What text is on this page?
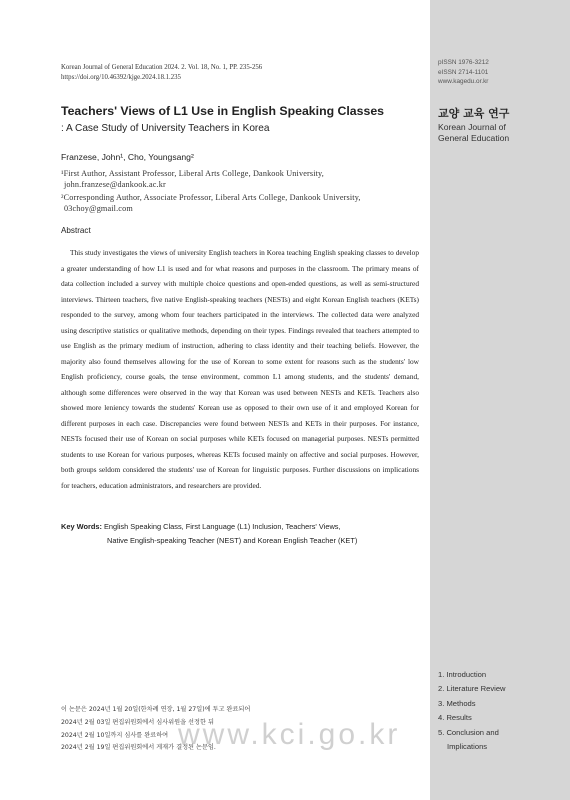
pISSN 1976-3212
eISSN 2714-1101
www.kagedu.or.kr
교양 교육 연구
Korean Journal of
General Education
1. Introduction
2. Literature Review
3. Methods
4. Results
5. Conclusion and
Implications
Korean Journal of General Education 2024. 2. Vol. 18, No. 1, PP. 235-256
https://doi.org/10.46392/kjge.2024.18.1.235
Teachers' Views of L1 Use in English Speaking Classes
: A Case Study of University Teachers in Korea
Franzese, John¹, Cho, Youngsang²
¹First Author, Assistant Professor, Liberal Arts College, Dankook University,
john.franzese@dankook.ac.kr
²Corresponding Author, Associate Professor, Liberal Arts College, Dankook University,
03choy@gmail.com
Abstract

This study investigates the views of university English teachers in Korea teaching English speaking classes to develop a greater understanding of how L1 is used and for what reasons and purposes in the classroom. The primary means of data collection included a survey with multiple choice questions and open-ended questions, as well as semi-structured interviews. Thirteen teachers, five native English-speaking teachers (NESTs) and eight Korean English teachers (KETs) responded to the survey, among whom four teachers participated in the interviews. The collected data were analyzed using descriptive statistics or qualitative methods, depending on their types. Findings revealed that teachers attempted to use English as the primary medium of instruction, adhering to class identity and their teaching beliefs. However, the majority also found themselves allowing for the use of Korean to some extent for reasons such as the students' low English proficiency, course goals, the tense environment, common L1 among students, and the students' demand, although some differences were observed in the way that Korean was used between NESTs and KETs. Teachers also showed more leniency towards the students' Korean use as opposed to their own use of it and employed Korean for different purposes in each case. Discrepancies were found between NESTs and KETs in their purposes. For instance, NESTs focused their use of Korean on social purposes while KETs focused on managerial purposes. NESTs permitted students to use Korean for various purposes, whereas KETs focused mainly on affective and social purposes. However, both groups seldom considered the students' use of Korean for linguistic purposes. Further discussions on implications for teachers, education administrators, and researchers are provided.

Key Words: English Speaking Class, First Language (L1) Inclusion, Teachers' Views,
Native English-speaking Teacher (NEST) and Korean English Teacher (KET)
이 논문은 2024년 1월 20일(한차례 연장, 1월 27일)에 투고 완료되어
2024년 2월 03일 편집위원회에서 심사위원을 선정한 뒤
2024년 2월 10일까지 심사를 완료하여
2024년 2월 19일 편집위원회에서 게재가 결정된 논문임.
www.kci.go.kr
